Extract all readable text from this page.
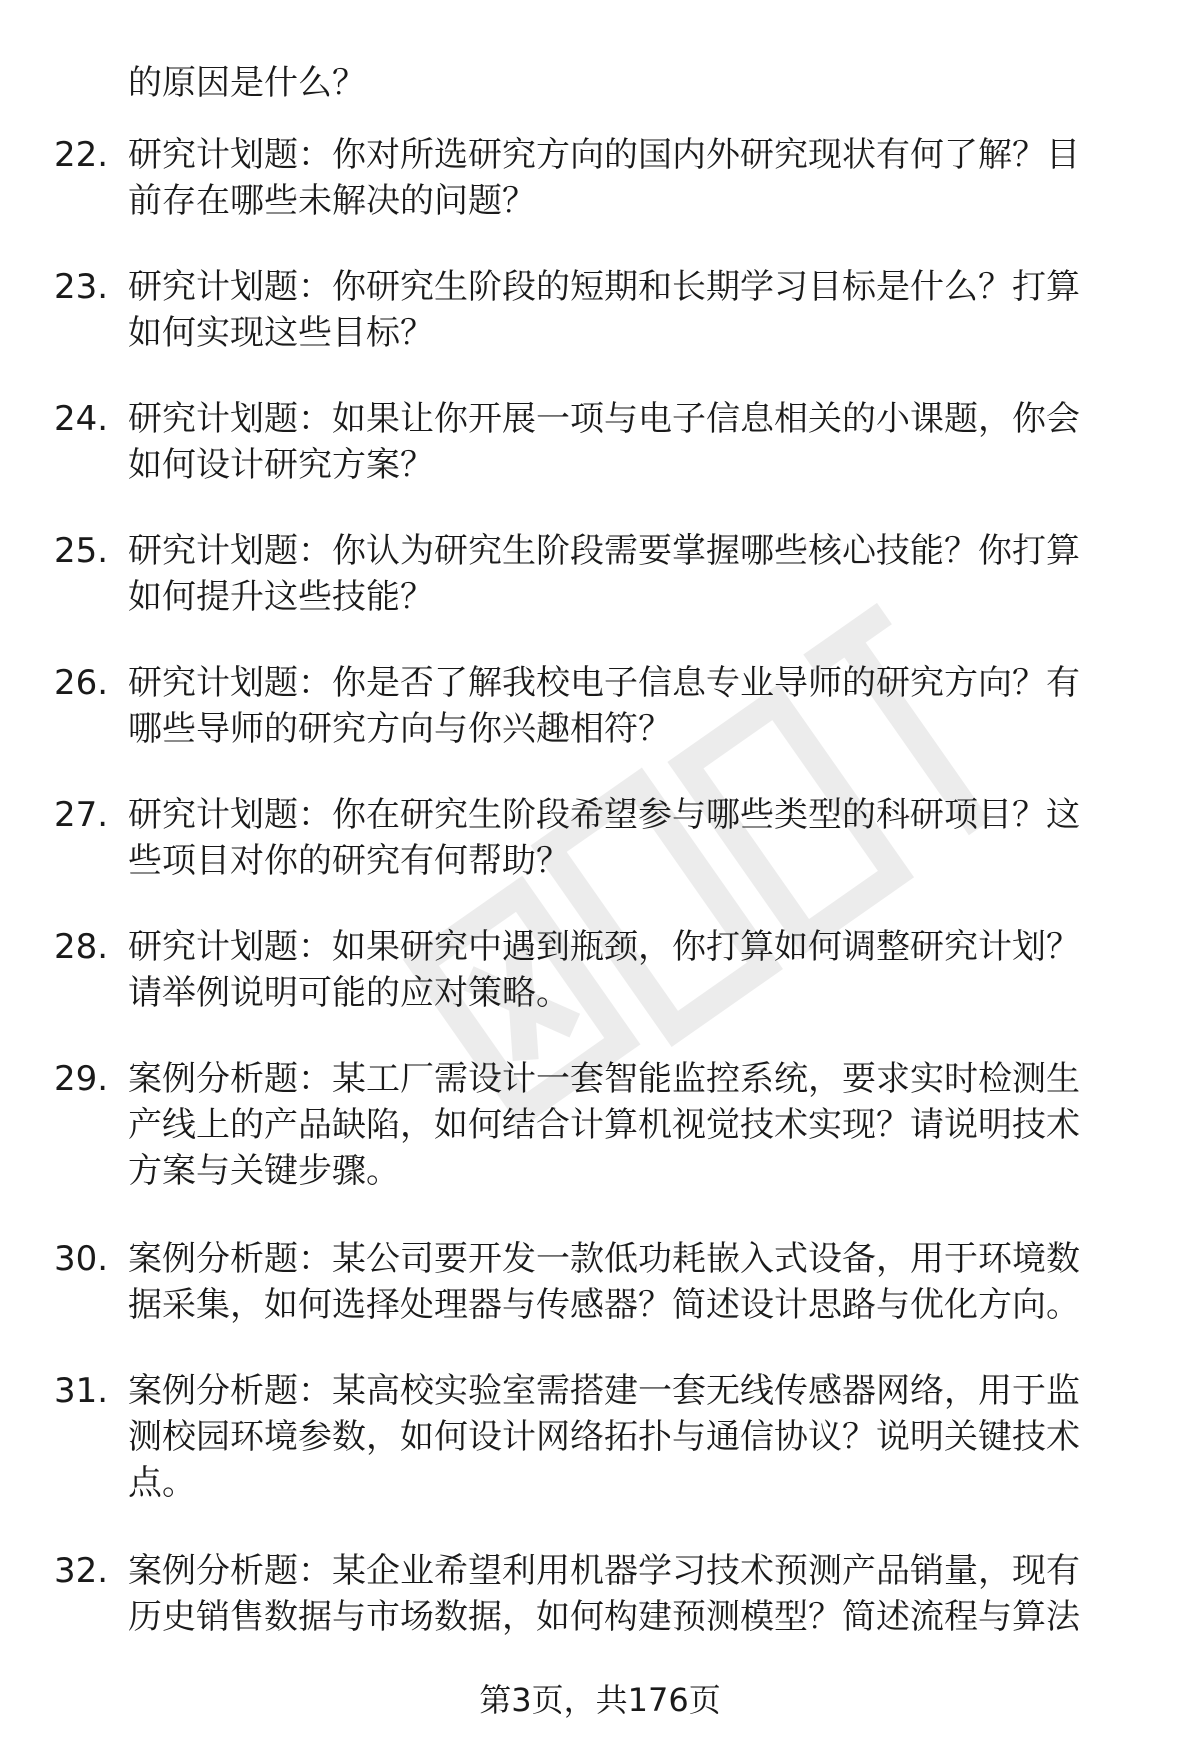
的原因是什么？
22. 研究计划题：你对所选研究方向的国内外研究现状有何了解？目
前存在哪些未解决的问题？
23. 研究计划题：你研究生阶段的短期和长期学习目标是什么？打算
如何实现这些目标？
24. 研究计划题：如果让你开展一项与电子信息相关的小课题，你会
如何设计研究方案？
25. 研究计划题：你认为研究生阶段需要掌握哪些核心技能？你打算
如何提升这些技能？
26. 研究计划题：你是否了解我校电子信息专业导师的研究方向？有
哪些导师的研究方向与你兴趣相符？
27. 研究计划题：你在研究生阶段希望参与哪些类型的科研项目？这
些项目对你的研究有何帮助？
28. 研究计划题：如果研究中遇到瓶颈，你打算如何调整研究计划？
请举例说明可能的应对策略。
29. 案例分析题：某工厂需设计一套智能监控系统，要求实时检测生
产线上的产品缺陷，如何结合计算机视觉技术实现？请说明技术
方案与关键步骤。
30. 案例分析题：某公司要开发一款低功耗嵌入式设备，用于环境数
据采集，如何选择处理器与传感器？简述设计思路与优化方向。
31. 案例分析题：某高校实验室需搭建一套无线传感器网络，用于监
测校园环境参数，如何设计网络拓扑与通信协议？说明关键技术
点。
32. 案例分析题：某企业希望利用机器学习技术预测产品销量，现有
历史销售数据与市场数据，如何构建预测模型？简述流程与算法
第3页，共176页
